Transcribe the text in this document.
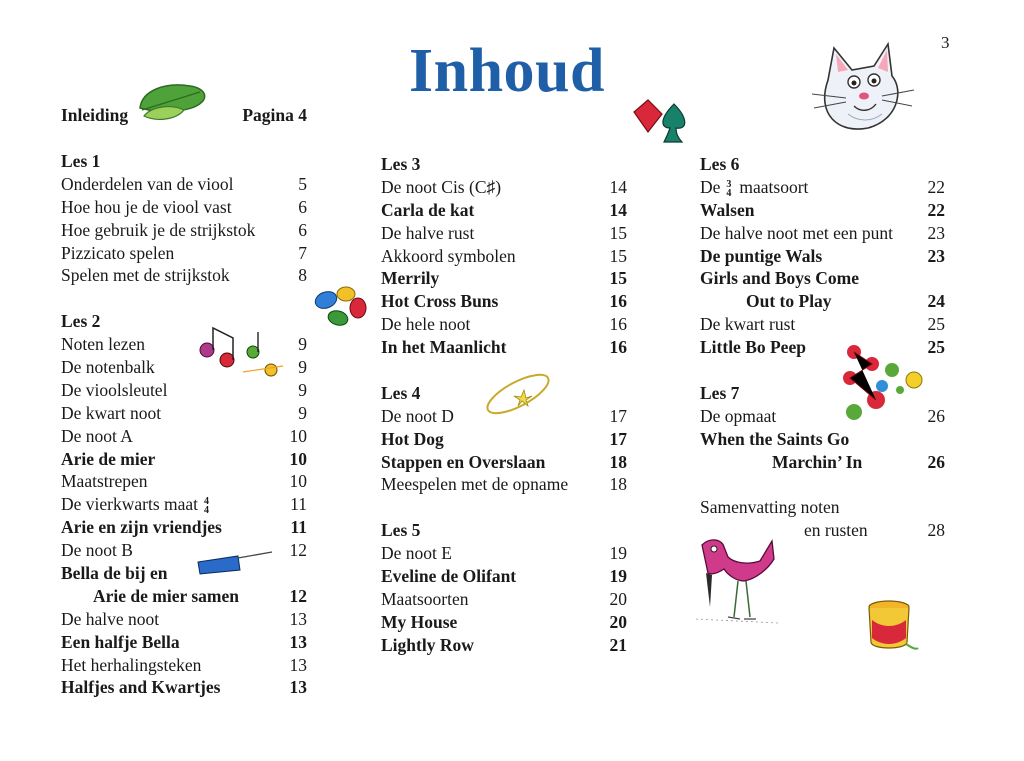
3
Inhoud
Inleiding	Pagina 4
Les 1
Onderdelen van de viool	5
Hoe hou je de viool vast	6
Hoe gebruik je de strijkstok 6
Pizzicato spelen	7
Spelen met de strijkstok	8
Les 2
Noten lezen	9
De notenbalk	9
De vioolsleutel	9
De kwart noot	9
De noot A	10
Arie de mier	10
Maatstrepen	10
De vierkwarts maat 4
4	11
Arie en zijn vriendjes	11
De noot B	12
Bella de bij en
Arie de mier samen	12
De halve noot	13
Een halfje Bella	13
Het herhalingsteken	13
Halfjes and Kwartjes	13
Les 3
De noot Cis (C♯)	14
Carla de kat	14
De halve rust	15
Akkoord symbolen	15
Merrily	15
Hot Cross Buns	16
De hele noot	16
In het Maanlicht	16
Les 4
De noot D	17
Hot Dog	17
Stappen en Overslaan	18
Meespelen met de opname 18
Les 5
De noot E	19
Eveline de Olifant	19
Maatsoorten	20
My House	20
Lightly Row	21
Les 6
De 3
4 maatsoort	22
Walsen	22
De halve noot met een punt 23
De puntige Wals	23
Girls and Boys Come
Out to Play	24
De kwart rust	25
Little Bo Peep	25
Les 7
De opmaat	26
When the Saints Go
Marchin’ In	26
Samenvatting noten
en rusten	28
